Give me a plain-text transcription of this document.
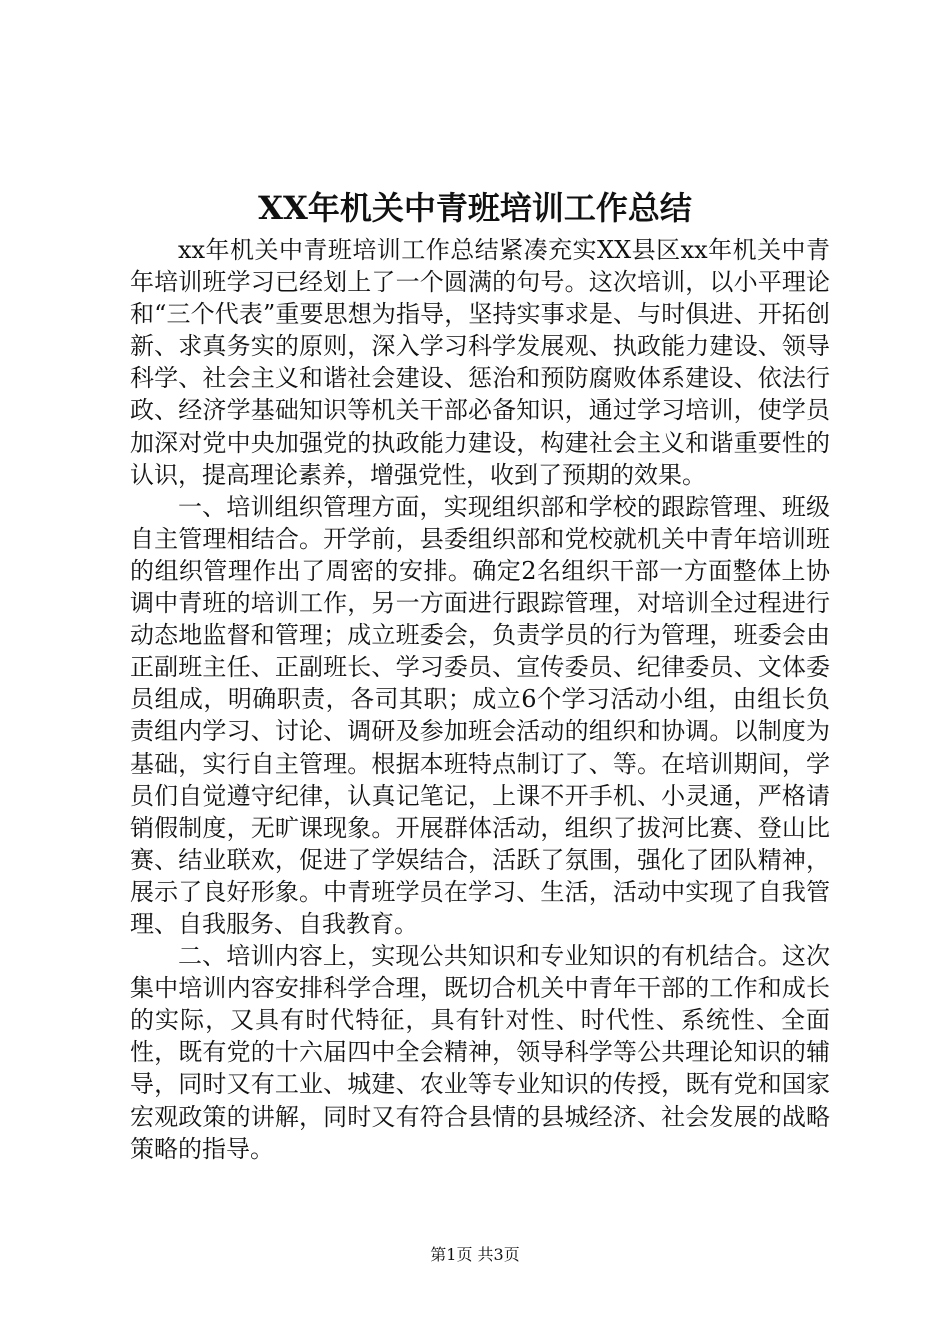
XX年机关中青班培训工作总结

xx年机关中青班培训工作总结紧凑充实XX县区xx年机关中青年培训班学习已经划上了一个圆满的句号。这次培训，以小平理论和“三个代表”重要思想为指导，坚持实事求是、与时俱进、开拓创新、求真务实的原则，深入学习科学发展观、执政能力建设、领导科学、社会主义和谐社会建设、惩治和预防腐败体系建设、依法行政、经济学基础知识等机关干部必备知识，通过学习培训，使学员加深对党中央加强党的执政能力建设，构建社会主义和谐重要性的认识，提高理论素养，增强党性，收到了预期的效果。

一、培训组织管理方面，实现组织部和学校的跟踪管理、班级自主管理相结合。开学前，县委组织部和党校就机关中青年培训班的组织管理作出了周密的安排。确定2名组织干部一方面整体上协调中青班的培训工作，另一方面进行跟踪管理，对培训全过程进行动态地监督和管理；成立班委会，负责学员的行为管理，班委会由正副班主任、正副班长、学习委员、宣传委员、纪律委员、文体委员组成，明确职责，各司其职；成立6个学习活动小组，由组长负责组内学习、讨论、调研及参加班会活动的组织和协调。以制度为基础，实行自主管理。根据本班特点制订了、等。在培训期间，学员们自觉遵守纪律，认真记笔记，上课不开手机、小灵通，严格请销假制度，无旷课现象。开展群体活动，组织了拔河比赛、登山比赛、结业联欢，促进了学娱结合，活跃了氛围，强化了团队精神，展示了良好形象。中青班学员在学习、生活，活动中实现了自我管理、自我服务、自我教育。

二、培训内容上，实现公共知识和专业知识的有机结合。这次集中培训内容安排科学合理，既切合机关中青年干部的工作和成长的实际，又具有时代特征，具有针对性、时代性、系统性、全面性，既有党的十六届四中全会精神，领导科学等公共理论知识的辅导，同时又有工业、城建、农业等专业知识的传授，既有党和国家宏观政策的讲解，同时又有符合县情的县城经济、社会发展的战略策略的指导。

第1页 共3页
